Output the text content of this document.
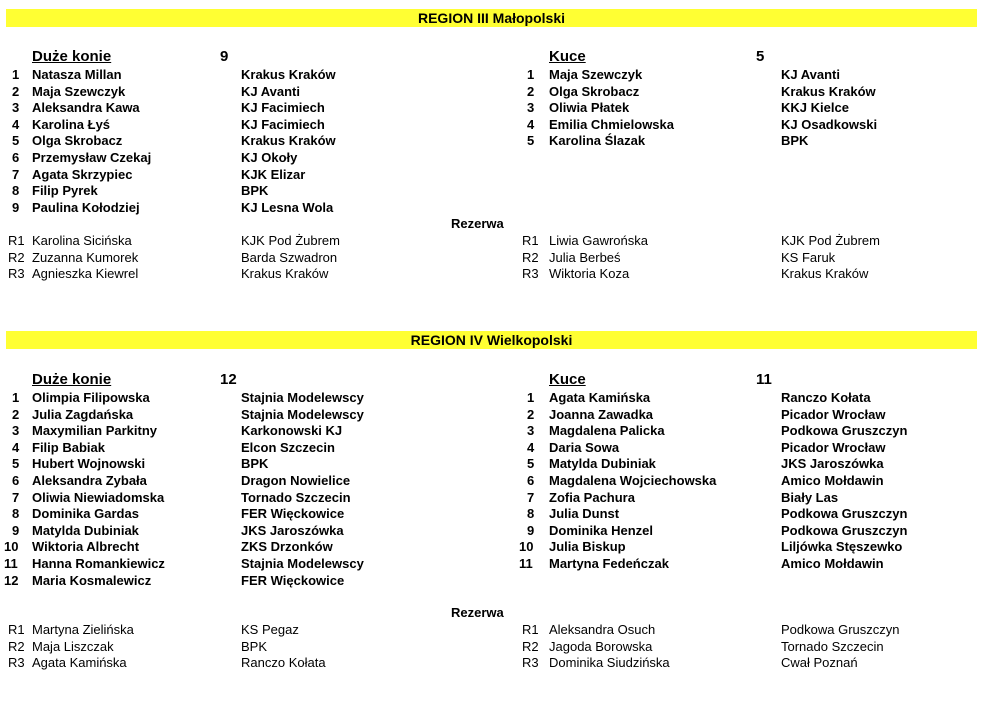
REGION III Małopolski
Duże konie	9
1 Natasza Millan	Krakus Kraków
2 Maja Szewczyk	KJ Avanti
3 Aleksandra Kawa	KJ Facimiech
4 Karolina Łyś	KJ Facimiech
5 Olga Skrobacz	Krakus Kraków
6 Przemysław Czekaj	KJ Okoły
7 Agata Skrzypiec	KJK Elizar
8 Filip Pyrek	BPK
9 Paulina Kołodziej	KJ Lesna Wola
R1 Karolina Sicińska	KJK Pod Żubrem
R2 Zuzanna Kumorek	Barda Szwadron
R3 Agnieszka Kiewrel	Krakus Kraków
Kuce	5
1	Maja Szewczyk	KJ Avanti
2	Olga Skrobacz	Krakus Kraków
3	Oliwia Płatek	KKJ Kielce
4	Emilia Chmielowska	KJ Osadkowski
5	Karolina Ślazak	BPK
R1 Liwia Gawrońska	KJK Pod Żubrem
R2 Julia Berbeś	KS Faruk
R3 Wiktoria Koza	Krakus Kraków
Rezerwa
REGION IV Wielkopolski
Duże konie	12
1 Olimpia Filipowska	Stajnia Modelewscy
2 Julia Zagdańska	Stajnia Modelewscy
3 Maxymilian Parkitny	Karkonowski KJ
4 Filip Babiak	Elcon Szczecin
5 Hubert Wojnowski	BPK
6 Aleksandra Zybała	Dragon Nowielice
7 Oliwia Niewiadomska	Tornado Szczecin
8 Dominika Gardas	FER Więckowice
9 Matylda Dubiniak	JKS Jaroszówka
10	Wiktoria Albrecht	ZKS Drzonków
11	Hanna Romankiewicz	Stajnia Modelewscy
12	Maria Kosmalewicz	FER Więckowice
R1 Martyna Zielińska	KS Pegaz
R2 Maja Liszczak	BPK
R3 Agata Kamińska	Ranczo Kołata
Kuce	11
1	Agata Kamińska	Ranczo Kołata
2	Joanna Zawadka	Picador Wrocław
3	Magdalena Palicka	Podkowa Gruszczyn
4	Daria Sowa	Picador Wrocław
5	Matylda Dubiniak	JKS Jaroszówka
6	Magdalena Wojciechowska	Amico Mołdawin
7	Zofia Pachura	Biały Las
8	Julia Dunst	Podkowa Gruszczyn
9	Dominika Henzel	Podkowa Gruszczyn
10	Julia Biskup	Liljówka Stęszewko
11	Martyna Fedeńczak	Amico Mołdawin
R1 Aleksandra Osuch	Podkowa Gruszczyn
R2 Jagoda Borowska	Tornado Szczecin
R3 Dominika Siudzińska	Cwał Poznań
Rezerwa
